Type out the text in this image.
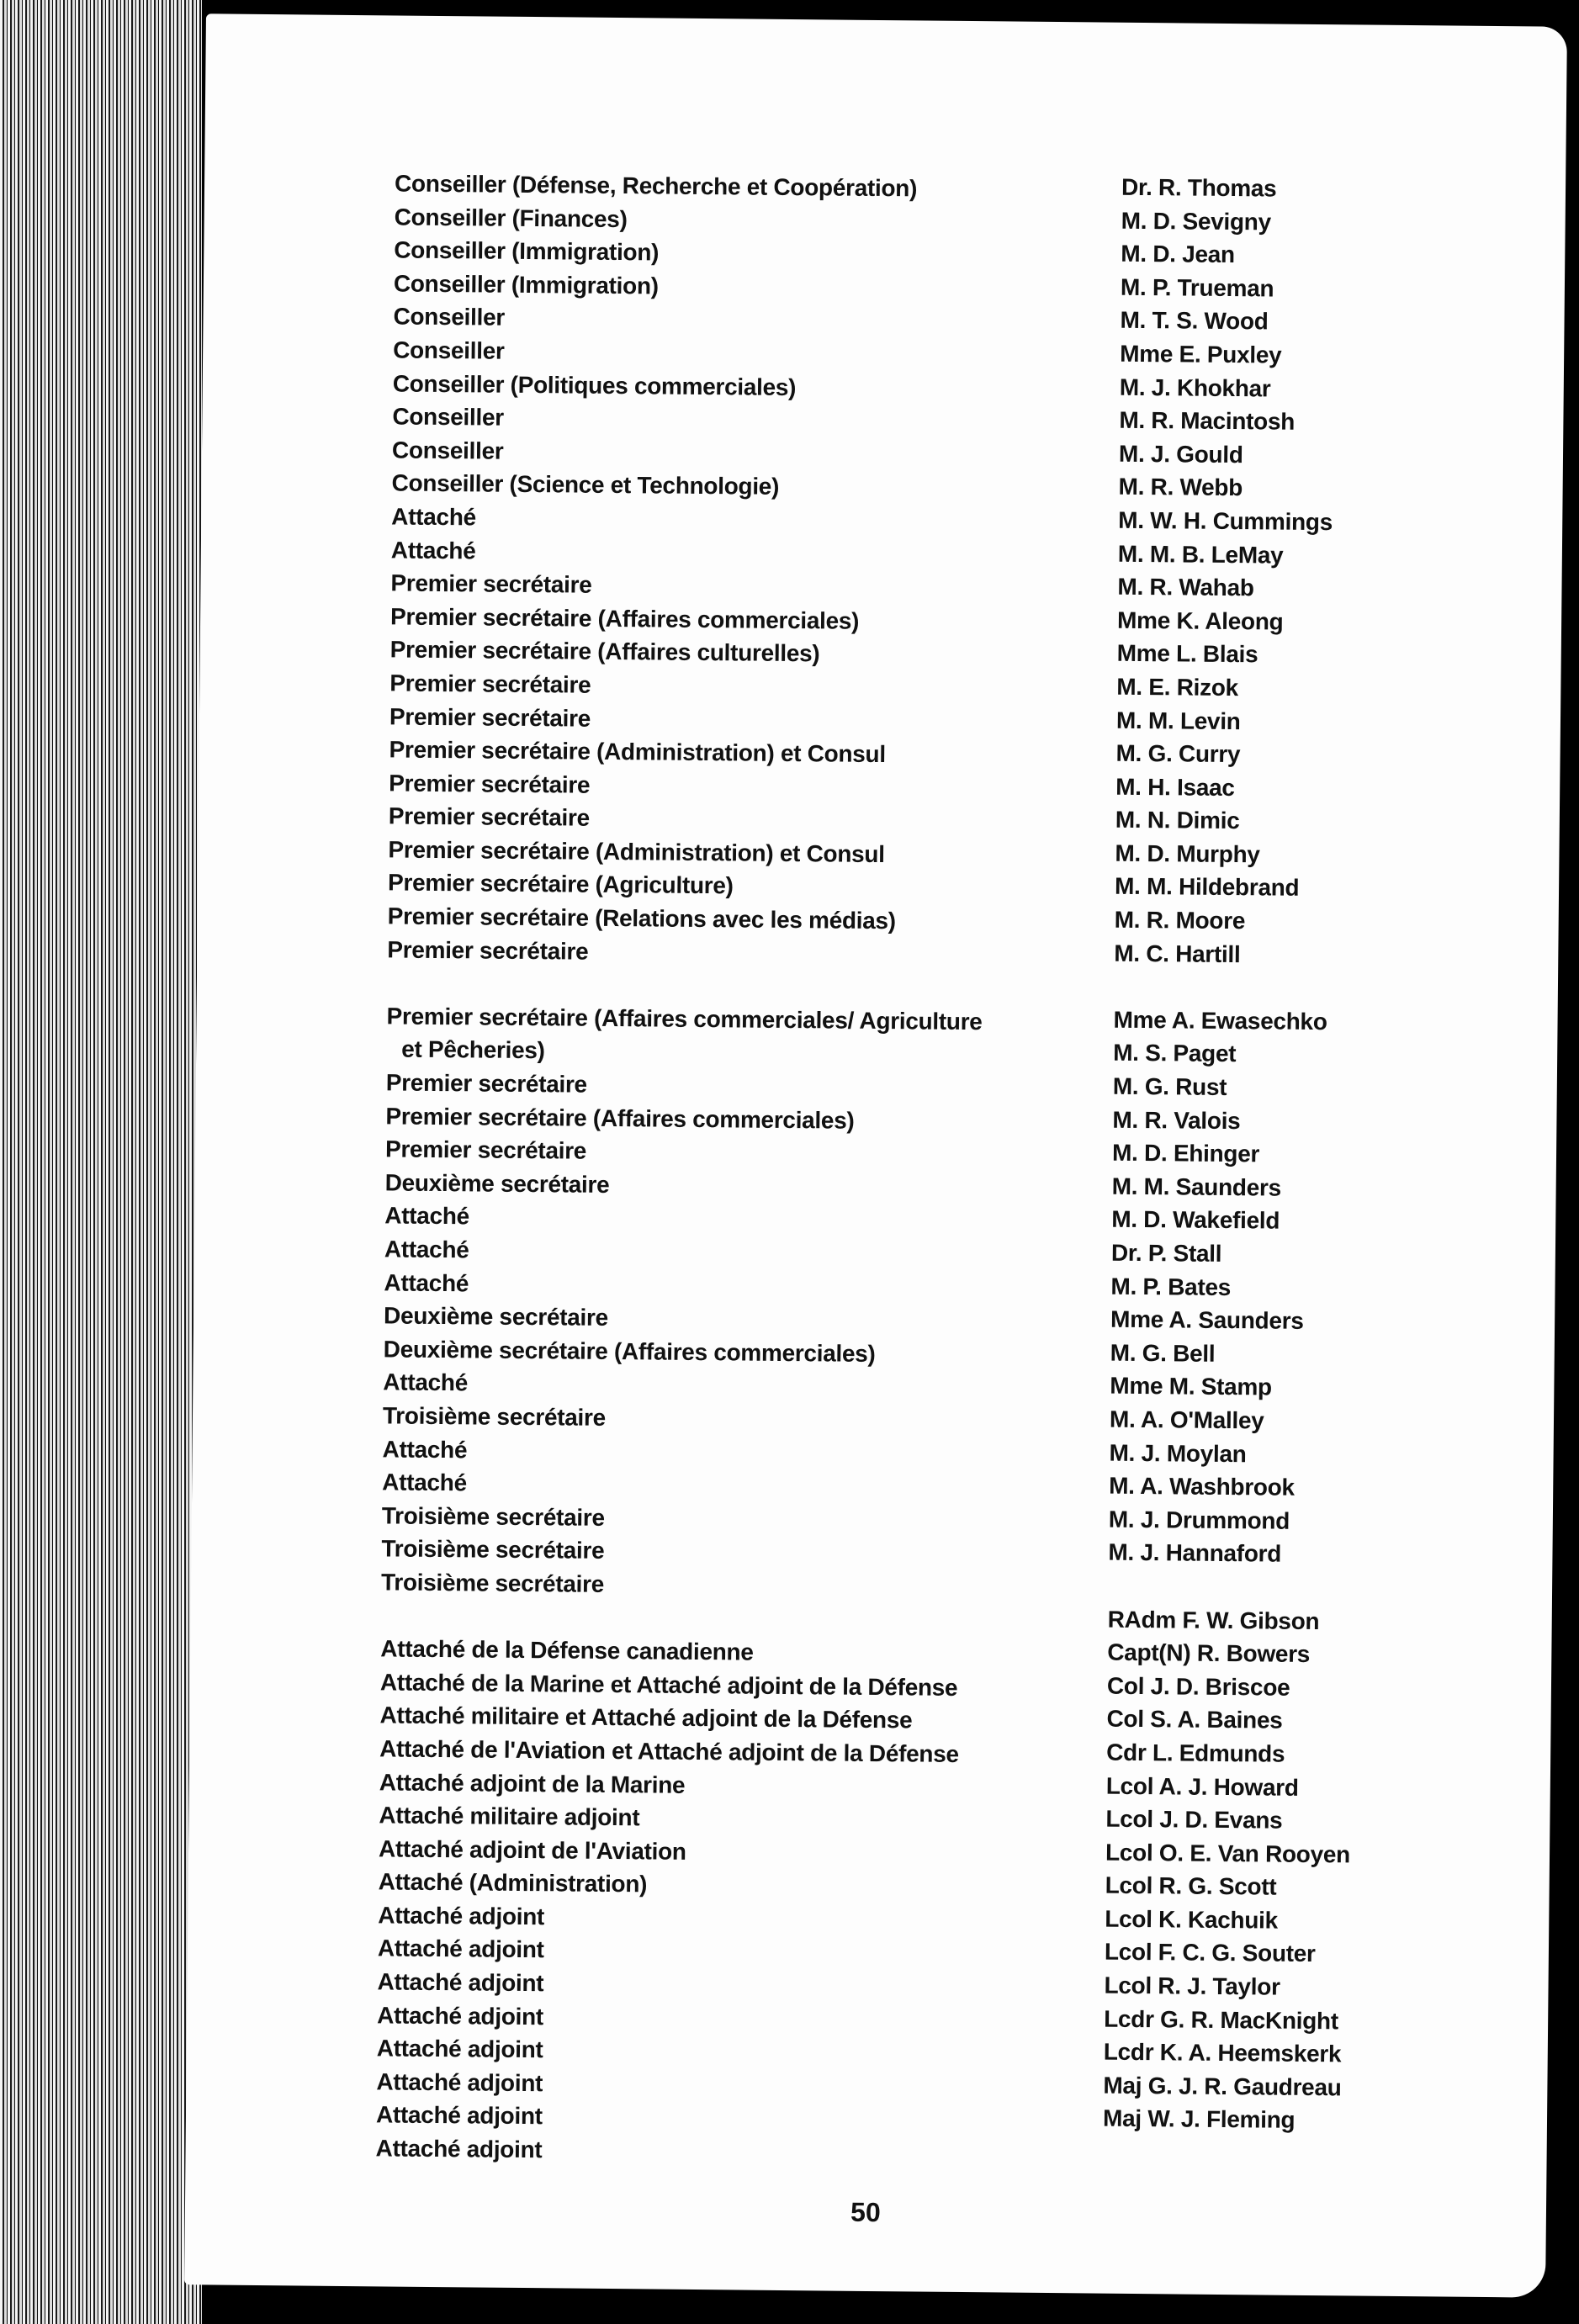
Conseiller (Défense, Recherche et Coopération)
Conseiller (Finances)
Conseiller (Immigration)
Conseiller (Immigration)
Conseiller
Conseiller
Conseiller (Politiques commerciales)
Conseiller
Conseiller
Conseiller (Science et Technologie)
Attaché
Attaché
Premier secrétaire
Premier secrétaire (Affaires commerciales)
Premier secrétaire (Affaires culturelles)
Premier secrétaire
Premier secrétaire
Premier secrétaire (Administration) et Consul
Premier secrétaire
Premier secrétaire
Premier secrétaire (Administration) et Consul
Premier secrétaire (Agriculture)
Premier secrétaire (Relations avec les médias)
Premier secrétaire
Premier secrétaire (Affaires commerciales/ Agriculture
et Pêcheries)
Premier secrétaire
Premier secrétaire (Affaires commerciales)
Premier secrétaire
Deuxième secrétaire
Attaché
Attaché
Attaché
Deuxième secrétaire
Deuxième secrétaire (Affaires commerciales)
Attaché
Troisième secrétaire
Attaché
Attaché
Troisième secrétaire
Troisième secrétaire
Troisième secrétaire
Attaché de la Défense canadienne
Attaché de la Marine et Attaché adjoint de la Défense
Attaché militaire et Attaché adjoint de la Défense
Attaché de l'Aviation et Attaché adjoint de la Défense
Attaché adjoint de la Marine
Attaché militaire adjoint
Attaché adjoint de l'Aviation
Attaché (Administration)
Attaché adjoint
Attaché adjoint
Attaché adjoint
Attaché adjoint
Attaché adjoint
Attaché adjoint
Attaché adjoint
Attaché adjoint
Dr. R. Thomas
M. D. Sevigny
M. D. Jean
M. P. Trueman
M. T. S. Wood
Mme E. Puxley
M. J. Khokhar
M. R. Macintosh
M. J. Gould
M. R. Webb
M. W. H. Cummings
M. M. B. LeMay
M. R. Wahab
Mme K. Aleong
Mme L. Blais
M. E. Rizok
M. M. Levin
M. G. Curry
M. H. Isaac
M. N. Dimic
M. D. Murphy
M. M. Hildebrand
M. R. Moore
M. C. Hartill
Mme A. Ewasechko
M. S. Paget
M. G. Rust
M. R. Valois
M. D. Ehinger
M. M. Saunders
M. D. Wakefield
Dr. P. Stall
M. P. Bates
Mme A. Saunders
M. G. Bell
Mme M. Stamp
M. A. O'Malley
M. J. Moylan
M. A. Washbrook
M. J. Drummond
M. J. Hannaford
RAdm F. W. Gibson
Capt(N) R. Bowers
Col J. D. Briscoe
Col S. A. Baines
Cdr L. Edmunds
Lcol A. J. Howard
Lcol J. D. Evans
Lcol O. E. Van Rooyen
Lcol R. G. Scott
Lcol K. Kachuik
Lcol F. C. G. Souter
Lcol R. J. Taylor
Lcdr G. R. MacKnight
Lcdr K. A. Heemskerk
Maj G. J. R. Gaudreau
Maj W. J. Fleming
50
